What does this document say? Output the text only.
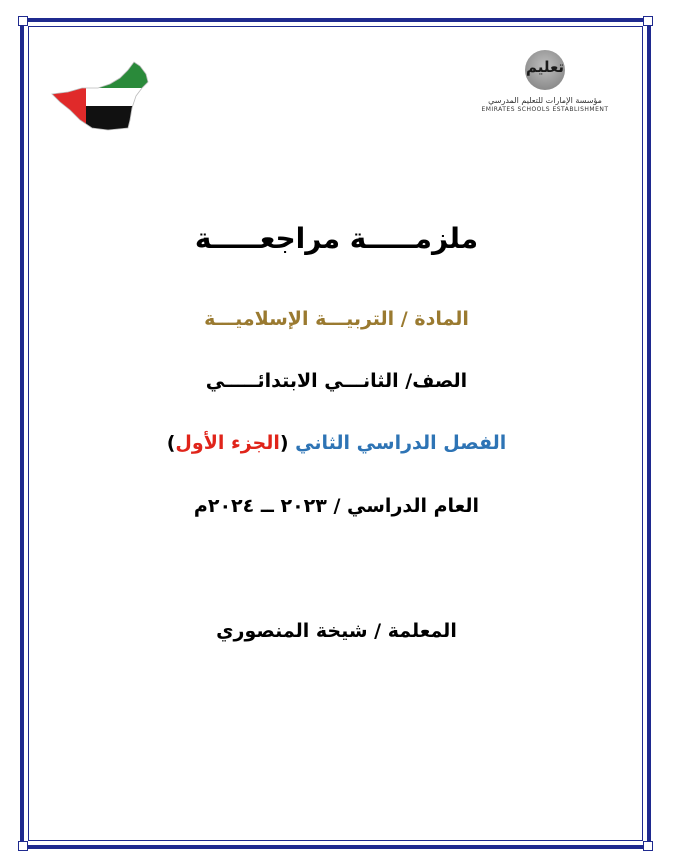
تعليم
مؤسسة الإمارات للتعليم المدرسي
EMIRATES SCHOOLS ESTABLISHMENT
ملزمـــــة مراجعـــــة
المادة / التربيـــة الإسلاميـــة
الصف/ الثانـــي الابتدائـــــي
الفصل الدراسي الثاني (الجزء الأول)
العام الدراسي / ٢٠٢٣ ــ ٢٠٢٤م
المعلمة / شيخة المنصوري
